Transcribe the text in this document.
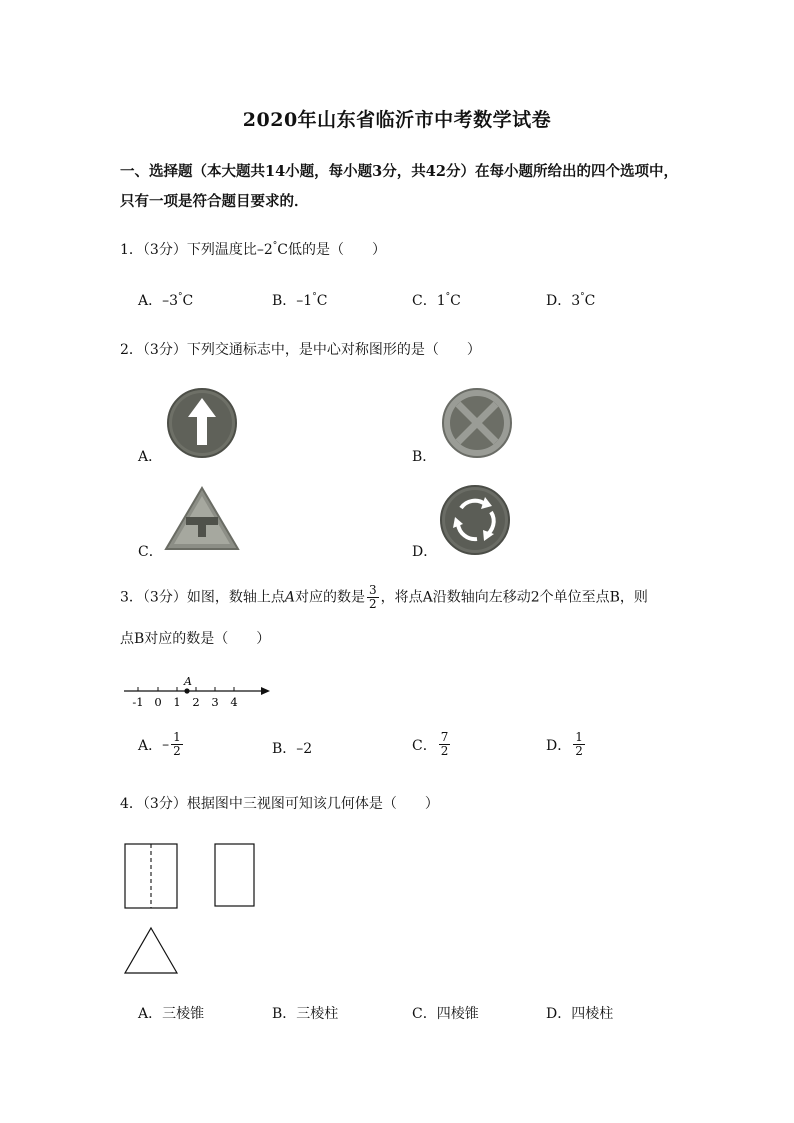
2020年山东省临沂市中考数学试卷
一、选择题（本大题共14小题，每小题3分，共42分）在每小题所给出的四个选项中，只有一项是符合题目要求的．
1．（3分）下列温度比–2°C低的是（　　）
A．–3°C	B．–1°C	C．1°C	D．3°C
2．（3分）下列交通标志中，是中心对称图形的是（　　）
A．	B．
C．	D．
3．（3分）如图，数轴上点A对应的数是 $\frac{3}{2}$ ，将点A沿数轴向左移动2个单位至点B，则
点B对应的数是（　　）
A
-1 0 1 2 3 4
A．– $\frac{1}{2}$	B．–2	C． $\frac{7}{2}$	D． $\frac{1}{2}$
4．（3分）根据图中三视图可知该几何体是（　　）
A．三棱锥	B．三棱柱	C．四棱锥	D．四棱柱
